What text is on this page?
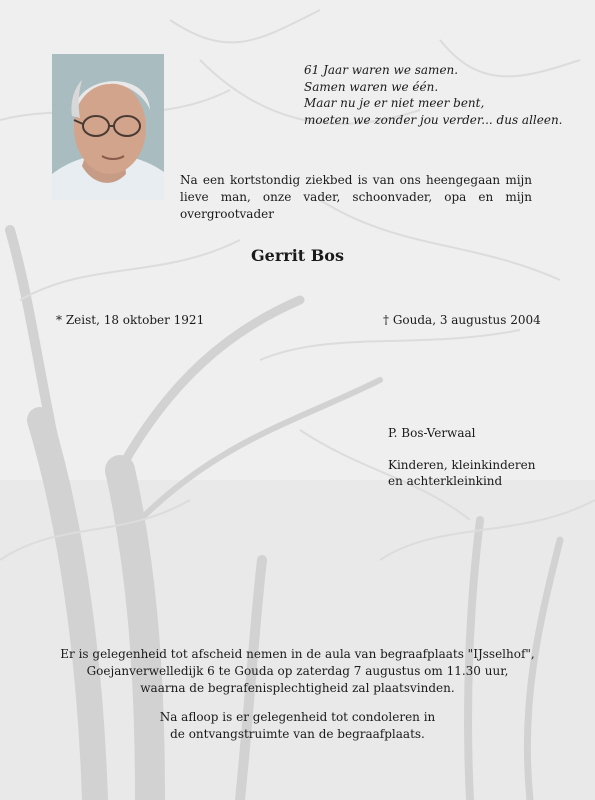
61 Jaar waren we samen.
Samen waren we één.
Maar nu je er niet meer bent,
moeten we zonder jou verder... dus alleen.
Na een kortstondig ziekbed is van ons heengegaan mijn lieve man, onze vader, schoonvader, opa en mijn overgrootvader
Gerrit Bos
* Zeist, 18 oktober 1921	† Gouda, 3 augustus 2004
P. Bos-Verwaal
Kinderen, kleinkinderen
en achterkleinkind
Er is gelegenheid tot afscheid nemen in de aula van begraafplaats "IJsselhof",
Goejanverwelledijk 6 te Gouda op zaterdag 7 augustus om 11.30 uur,
waarna de begrafenisplechtigheid zal plaatsvinden.
Na afloop is er gelegenheid tot condoleren in
de ontvangstruimte van de begraafplaats.
